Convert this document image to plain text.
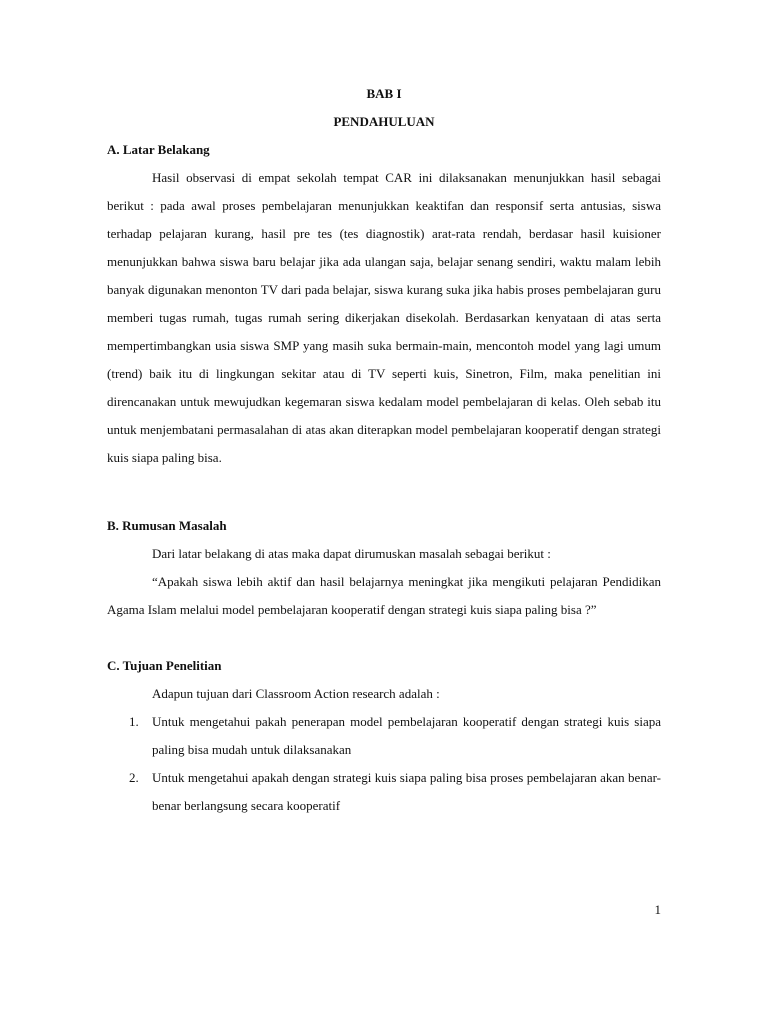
BAB I
PENDAHULUAN
A. Latar Belakang

Hasil observasi di empat sekolah tempat CAR ini dilaksanakan menunjukkan hasil sebagai berikut : pada awal proses pembelajaran menunjukkan keaktifan dan responsif serta antusias, siswa terhadap pelajaran kurang, hasil pre tes (tes diagnostik) arat-rata rendah, berdasar hasil kuisioner menunjukkan bahwa siswa baru belajar jika ada ulangan saja, belajar senang sendiri, waktu malam lebih banyak digunakan menonton TV dari pada belajar, siswa kurang suka jika habis proses pembelajaran guru memberi tugas rumah, tugas rumah sering dikerjakan disekolah. Berdasarkan kenyataan di atas serta mempertimbangkan usia siswa SMP yang masih suka bermain-main, mencontoh model yang lagi umum (trend) baik itu di lingkungan sekitar atau di TV seperti kuis, Sinetron, Film, maka penelitian ini direncanakan untuk mewujudkan kegemaran siswa kedalam model pembelajaran di kelas. Oleh sebab itu untuk menjembatani permasalahan di atas akan diterapkan model pembelajaran kooperatif dengan strategi kuis siapa paling bisa.

B. Rumusan Masalah
Dari latar belakang di atas maka dapat dirumuskan masalah sebagai berikut :

“Apakah siswa lebih aktif dan hasil belajarnya meningkat jika mengikuti pelajaran Pendidikan Agama Islam melalui model pembelajaran kooperatif dengan strategi kuis siapa paling bisa ?”

C. Tujuan Penelitian
Adapun tujuan dari Classroom Action research adalah :
1. Untuk mengetahui pakah penerapan model pembelajaran kooperatif dengan strategi kuis siapa paling bisa mudah untuk dilaksanakan
2. Untuk mengetahui apakah dengan strategi kuis siapa paling bisa proses pembelajaran akan benar-benar berlangsung secara kooperatif
1
